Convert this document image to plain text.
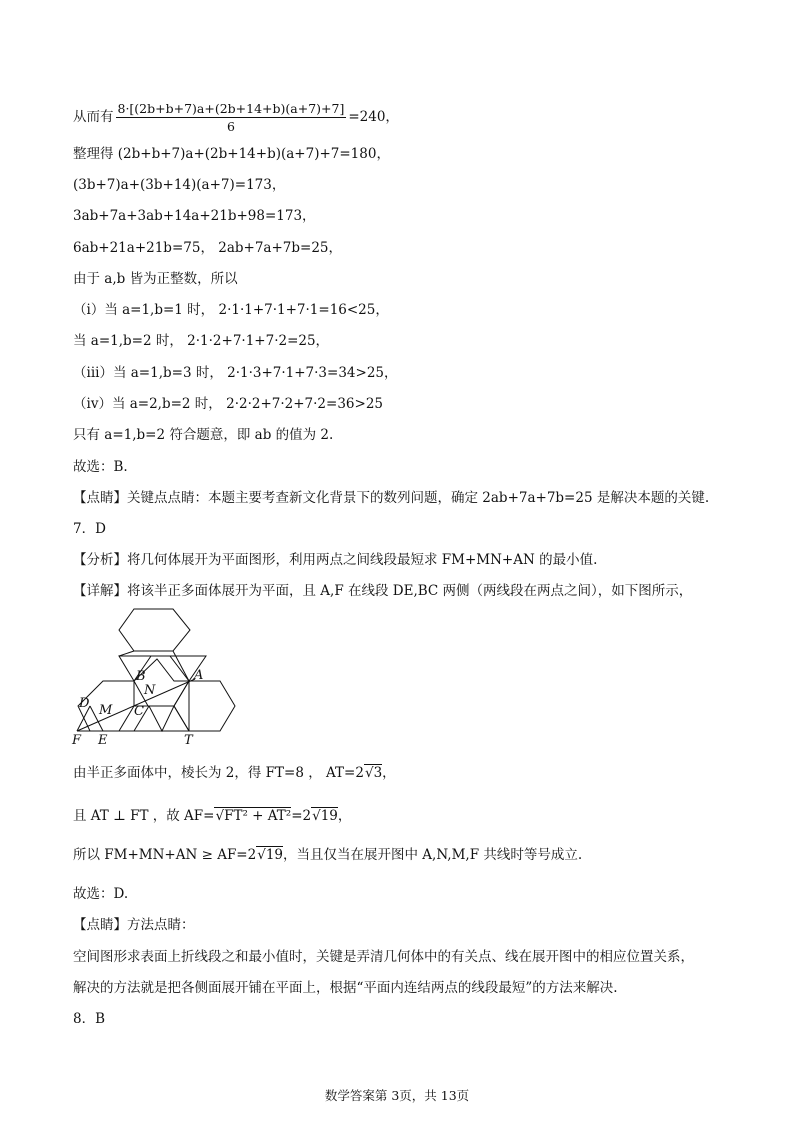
从而有 $\frac{8\cdot[(2b+b+7)a+(2b+14+b)(a+7)+7]}{6} =240$，
整理得 (2b+b+7)a+(2b+14+b)(a+7)+7=180，
(3b+7)a+(3b+14)(a+7)=173，
3ab+7a+3ab+14a+21b+98=173，
6ab+21a+21b=75， 2ab+7a+7b=25，
由于 a,b 皆为正整数，所以
（i）当 a=1,b=1 时， 2·1·1+7·1+7·1=16<25，
当 a=1,b=2 时， 2·1·2+7·1+7·2=25，
（iii）当 a=1,b=3 时， 2·1·3+7·1+7·3=34>25，
（iv）当 a=2,b=2 时， 2·2·2+7·2+7·2=36>25
只有 a=1,b=2 符合题意，即 ab 的值为 2.
故选：B.
【点睛】关键点点睛：本题主要考查新文化背景下的数列问题，确定 2ab+7a+7b=25 是解决本题的关键.
7．D
【分析】将几何体展开为平面图形，利用两点之间线段最短求 FM+MN+AN 的最小值.
【详解】将该半正多面体展开为平面，且 A,F 在线段 DE,BC 两侧（两线段在两点之间），如下图所示，
B
N
A
D M C
F E	T
由半正多面体中，棱长为 2，得 FT=8 ， AT=2√3，
且 AT ⊥ FT ，故 AF=√FT² + AT²=2√19，
所以 FM+MN+AN ≥ AF=2√19，当且仅当在展开图中 A,N,M,F 共线时等号成立.
故选：D.
【点睛】方法点睛：
空间图形求表面上折线段之和最小值时，关键是弄清几何体中的有关点、线在展开图中的相应位置关系，
解决的方法就是把各侧面展开铺在平面上，根据“平面内连结两点的线段最短”的方法来解决.
8．B
数学答案第 3页，共 13页
